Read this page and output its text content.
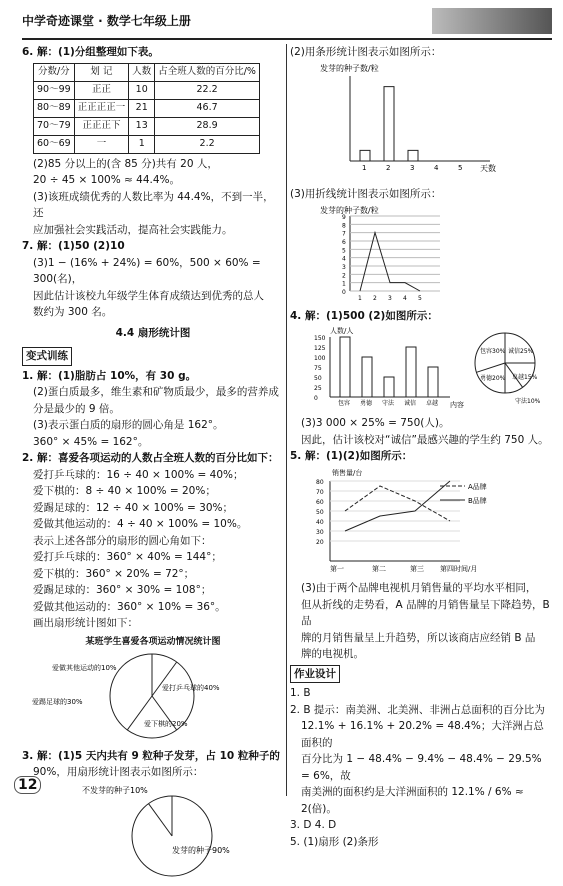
中学奇迹课堂 · 数学七年级上册

6. 解：(1)分组整理如下表。

分数/分	划 记	人数	占全班人数的百分比/%
90～99	正正	10	22.2
80～89	正正正正一	21	46.7
70～79	正正正下	13	28.9
60～69	一	1	2.2

(2)85 分以上的(含 85 分)共有 20 人，

20 ÷ 45 × 100% ≈ 44.4%。

(3)该班成绩优秀的人数比率为 44.4%，不到一半，还

应加强社会实践活动，提高社会实践能力。

7. 解：(1)50 (2)10

(3)1 − (16% + 24%) = 60%，500 × 60% = 300(名)，

因此估计该校九年级学生体育成绩达到优秀的总人

数约为 300 名。

4.4 扇形统计图

变式训练

1. 解：(1)脂肪占 10%，有 30 g。

(2)蛋白质最多，维生素和矿物质最少，最多的营养成

分是最少的 9 倍。

(3)表示蛋白质的扇形的圆心角是 162°。

360° × 45% = 162°。

2. 解：喜爱各项运动的人数占全班人数的百分比如下：

爱打乒乓球的：16 ÷ 40 × 100% = 40%；

爱下棋的：8 ÷ 40 × 100% = 20%；

爱踢足球的：12 ÷ 40 × 100% = 30%；

爱做其他运动的：4 ÷ 40 × 100% = 10%。

表示上述各部分的扇形的圆心角如下：

爱打乒乓球的：360° × 40% = 144°；

爱下棋的：360° × 20% = 72°；

爱踢足球的：360° × 30% = 108°；

爱做其他运动的：360° × 10% = 36°。

画出扇形统计图如下：

某班学生喜爱各项运动情况统计图
爱做其他运动的10%
爱打乒乓球的40%
爱下棋的20%
爱踢足球的30%

3. 解：(1)5 天内共有 9 粒种子发芽，占 10 粒种子的

90%，用扇形统计图表示如图所示：

不发芽的种子10%
发芽的种子90%

(2)用条形统计图表示如图所示：

发芽的种子数/粒
天数
1	2	3	4	5

(3)用折线统计图表示如图所示：

发芽的种子数/粒
0
1
2
3
4
5
6
7
8
9
1 2 3 4 5

4. 解：(1)500 (2)如图所示：

人数/人
内容
包容30% 诚信25%
卓越15%
守法10%
勇德20%
0
25
50
75
100
125
150
包容 勇德 守法 诚信 卓越

(3)3 000 × 25% = 750(人)。

因此，估计该校对“诚信”最感兴趣的学生约 750 人。

5. 解：(1)(2)如图所示：

销售量/台
A品牌
B品牌
第一	第二	第三 第四时间/月
20
30
40
50
60
70
80

(3)由于两个品牌电视机月销售量的平均水平相同，

但从折线的走势看，A 品牌的月销售量呈下降趋势，B 品

牌的月销售量呈上升趋势，所以该商店应经销 B 品

牌的电视机。

作业设计

1. B

2. B 提示：南美洲、北美洲、非洲占总面积的百分比为

12.1% + 16.1% + 20.2% = 48.4%；大洋洲占总面积的

百分比为 1 − 48.4% − 9.4% − 48.4% − 29.5% = 6%，故

南美洲的面积约是大洋洲面积的 12.1% / 6% ≈ 2(倍)。

3. D 4. D

5. (1)扇形 (2)条形

12
